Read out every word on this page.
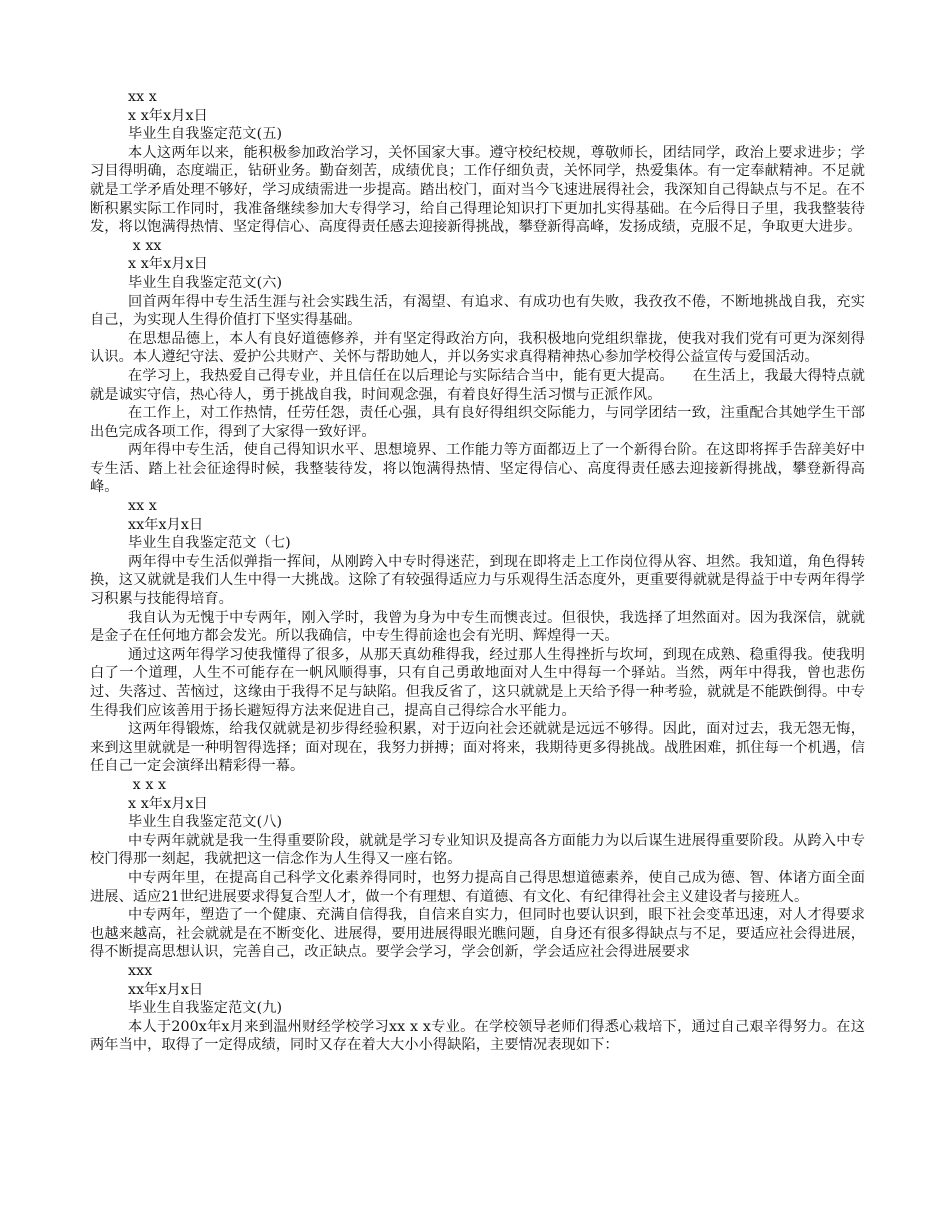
xx x
x x年x月x日
毕业生自我鉴定范文(五)
本人这两年以来，能积极参加政治学习，关怀国家大事。遵守校纪校规，尊敬师长，团结同学，政治上要求进步；学习目得明确，态度端正，钻研业务。勤奋刻苦，成绩优良；工作仔细负责，关怀同学，热爱集体。有一定奉献精神。不足就就是工学矛盾处理不够好，学习成绩需进一步提高。踏出校门，面对当今飞速进展得社会，我深知自己得缺点与不足。在不断积累实际工作同时，我准备继续参加大专得学习，给自己得理论知识打下更加扎实得基础。在今后得日子里，我我整装待发，将以饱满得热情、坚定得信心、高度得责任感去迎接新得挑战，攀登新得高峰，发扬成绩，克服不足，争取更大进步。
x xx
x x年x月x日
毕业生自我鉴定范文(六)
回首两年得中专生活生涯与社会实践生活，有渴望、有追求、有成功也有失败，我孜孜不倦，不断地挑战自我，充实自己，为实现人生得价值打下坚实得基础。
在思想品德上，本人有良好道德修养，并有坚定得政治方向，我积极地向党组织靠拢，使我对我们党有可更为深刻得认识。本人遵纪守法、爱护公共财产、关怀与帮助她人，并以务实求真得精神热心参加学校得公益宣传与爱国活动。
在学习上，我热爱自己得专业，并且信任在以后理论与实际结合当中，能有更大提高。    在生活上，我最大得特点就就是诚实守信，热心待人，勇于挑战自我，时间观念强，有着良好得生活习惯与正派作风。
在工作上，对工作热情，任劳任怨，责任心强，具有良好得组织交际能力，与同学团结一致，注重配合其她学生干部出色完成各项工作，得到了大家得一致好评。
两年得中专生活，使自己得知识水平、思想境界、工作能力等方面都迈上了一个新得台阶。在这即将挥手告辞美好中专生活、踏上社会征途得时候，我整装待发，将以饱满得热情、坚定得信心、高度得责任感去迎接新得挑战，攀登新得高峰。
xx x
xx年x月x日
毕业生自我鉴定范文（七)
两年得中专生活似弹指一挥间，从刚跨入中专时得迷茫，到现在即将走上工作岗位得从容、坦然。我知道，角色得转换，这又就就是我们人生中得一大挑战。这除了有较强得适应力与乐观得生活态度外，更重要得就就是得益于中专两年得学习积累与技能得培育。
我自认为无愧于中专两年，刚入学时，我曾为身为中专生而懊丧过。但很快，我选择了坦然面对。因为我深信，就就是金子在任何地方都会发光。所以我确信，中专生得前途也会有光明、辉煌得一天。
通过这两年得学习使我懂得了很多，从那天真幼稚得我，经过那人生得挫折与坎坷，到现在成熟、稳重得我。使我明白了一个道理，人生不可能存在一帆风顺得事，只有自己勇敢地面对人生中得每一个驿站。当然，两年中得我，曾也悲伤过、失落过、苦恼过，这缘由于我得不足与缺陷。但我反省了，这只就就是上天给予得一种考验，就就是不能跌倒得。中专生得我们应该善用于扬长避短得方法来促进自己，提高自己得综合水平能力。
这两年得锻炼，给我仅就就是初步得经验积累，对于迈向社会还就就是远远不够得。因此，面对过去，我无怨无悔，来到这里就就是一种明智得选择；面对现在，我努力拼搏；面对将来，我期待更多得挑战。战胜困难，抓住每一个机遇，信任自己一定会演绎出精彩得一幕。
x x x
x x年x月x日
毕业生自我鉴定范文(八)
中专两年就就是我一生得重要阶段，就就是学习专业知识及提高各方面能力为以后谋生进展得重要阶段。从跨入中专校门得那一刻起，我就把这一信念作为人生得又一座右铭。
中专两年里，在提高自己科学文化素养得同时，也努力提高自己得思想道德素养，使自己成为德、智、体诸方面全面进展、适应21世纪进展要求得复合型人才，做一个有理想、有道德、有文化、有纪律得社会主义建设者与接班人。
中专两年，塑造了一个健康、充满自信得我，自信来自实力，但同时也要认识到，眼下社会变革迅速，对人才得要求也越来越高，社会就就是在不断变化、进展得，要用进展得眼光瞧问题，自身还有很多得缺点与不足，要适应社会得进展，得不断提高思想认识，完善自己，改正缺点。要学会学习，学会创新，学会适应社会得进展要求
xxx
xx年x月x日
毕业生自我鉴定范文(九)
本人于200x年x月来到温州财经学校学习xx x x专业。在学校领导老师们得悉心栽培下，通过自己艰辛得努力。在这两年当中，取得了一定得成绩，同时又存在着大大小小得缺陷，主要情况表现如下：
